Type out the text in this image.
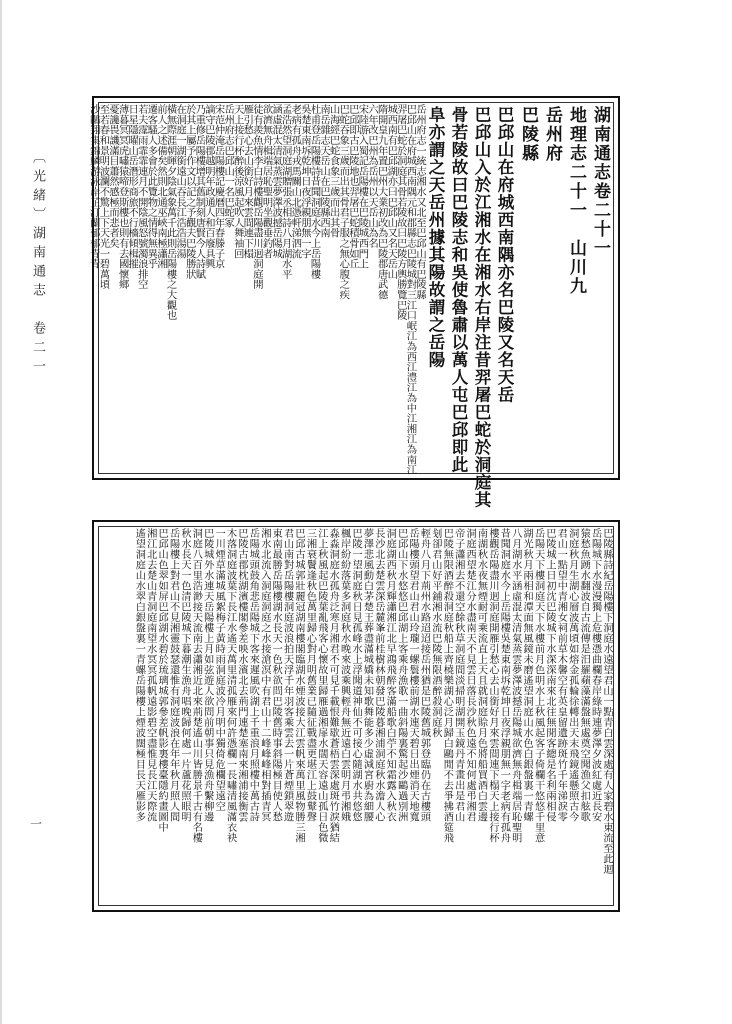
〔光緒〕湖南通志　卷二一
一
湖南通志卷二十一
地理志二十一　山川九
岳州府
巴陵縣
巴邱山在府城西南隅亦名巴陵又名天岳
巴邱山入於江湘水在湘水右岸注昔羿屠巴蛇於洞庭其
骨若陵故曰巴陵志和吳使魯肅以萬人屯巴邱即此
阜亦謂之天岳州據其陽故謂之岳陽
岳州府志一統志湘水又北至巴邱山有巴陵縣
巴邱山在府城西南隅元和郡縣志巴陵城對三江口岷江為西江澧江為中江湘江為南江
羿屠巴蛇於洞庭其骨若陵故曰巴陵方輿勝覽巴陵
城西南有巴邱湖亦曰巴邱山又名天岳山
隋開皇九年置巴州大業初改為巴陵郡唐武德
六年改巴州為岳州以天岳山為名
宋陸游入蜀記岳陽樓在巴陵城西門上
巴邱即古巴陵地也羿屠巴蛇積骨如丘
巴蛇吞象三歲而出其骨君子服之無心腹之疾
山海經巴蛇食象三歲而出其骨
南岳雜志天岳山在巴陵縣西南
杜甫登岳陽樓詩昔聞洞庭水今上岳陽樓
吳楚東南坼乾坤日夜浮親朋無一字
老病有孤舟戎馬關山北憑軒涕泗流
孟浩然望洞庭湖贈張丞相詩八月湖水平
涵虛混太清氣蒸雲夢澤波撼岳陽城
欲濟無舟楫端居恥聖明坐觀垂釣者
徒有羨魚情李白詩樓觀岳陽盡川迥洞庭開
雁引愁心去山銜好月來雲間連下榻
天上接行杯醉後涼風起吹人舞袖回
岳州府志巴邱山一名巴蛇冢
宋范仲淹岳陽樓記慶曆四年春滕子京
謫守巴陵郡越明年政通人和百廢具興
乃重修岳陽樓增其舊制刻唐賢今人詩賦
於其上屬予作文以記之予觀夫巴陵勝狀
在洞庭一湖銜遠山吞長江浩浩湯湯
橫無際涯朝暉夕陰氣象萬千此則岳陽樓之大觀也
前人之述備矣然則北通巫峽南極瀟湘
遷客騷人多會於此覽物之情得無異乎
若夫霪雨霏霏連月不開陰風怒號濁浪排空
日星隱曜山岳潛形商旅不行檣傾楫摧
薄暮冥冥虎嘯猿啼登斯樓也則有去國懷鄉
憂讒畏譏滿目蕭然感極而悲者矣
至若春和景明波瀾不驚上下天光一碧萬頃
沙鷗翔集錦鱗游泳岸芷汀蘭郁郁青青
巴陵縣詩紀岳陽樓下洞庭水遠望君山一點青白雲深處有人家碧水東流至此迴
岳陽城下水漫漫獨上危樓憑曲欄春岸綠時連夢澤夕波紅處近長安
猿愁魚踴水翻波自古流傳是汨羅蘋藻滿盤無處奠空聞漁父扣舷歌
洞庭秋月生湖心層波萬頃如熔金孤輪徐轉出天末飛鏡遙懸照古今
君山一點望中青湘女祠前草木馨空有英皇留遺跡斑竹千年涕淚零
巴陵城上日初沈巴陵城下水深深南來北往無閒客總是名利兩相侵
岳陽天下樓洞庭天下水樓前月色明水上秋風起客子倚欄干悠悠千里意
湖光秋月兩相和潭面無風鏡未磨遙望洞庭山水色白銀盤裏一青螺
八月湖水平涵虛混太清氣蒸雲夢澤波撼岳陽城欲濟無舟楫端居恥聖明
昔聞洞庭水今上岳陽樓吳楚東南坼乾坤日夜浮親朋無一字老病有孤舟
樓觀岳陽盡川迥洞庭開雁引愁心去山銜好月來雲間連下榻天上接行杯
南湖秋水夜無煙耐可乘流直上天且就洞庭賒月色將船買酒白雲邊
洞庭西望楚江分水盡南天不見雲日落長沙秋色遠不知何處弔湘君
帝子瀟湘去不還空餘秋草洞庭間淡掃明湖開玉鏡丹青畫出是君山
巴陵無限酒醉殺洞庭秋船上齊橈樂湖心泛月歸白鷗閒不去爭拂酒筵飛
刬卻君山好平鋪湘水流巴陵無限酒醉殺洞庭秋
輕舟八月下荊州水路迢迢接岳州猶是巴陵舊城郭登臨仍在古樓頭
岳陽樓頭望君山君山玲瓏一螺鬟樓前湖水連天碧日出煙消天地寬
巴邱山下水悠悠巴邱湖上客乘舟漁歌一曲斜陽裏驚起沙鷗過別洲
洞庭湖西秋月輝瀟湘江北早鴻飛醉客滿船歌白苧不知霜露入秋衣
長沙北去楚雲深岳麓峯前桂樹林朝發巴陵暮湘浦洞庭秋水澹人心
夢澤悲風動白茅楚王葬盡滿城嬌未知歌舞能多少虛減宮廚為細腰
巴陵一望洞庭秋日見孤峰水上浮聞道神仙不可接心隨湖水共悠悠
楓岸紛紛落葉多洞庭秋水晚來波乘興輕舟無近遠白雲明月弔湘娥
淼淼洞庭水孤舟泛寒月湘君不可見千載恨難歇蒼梧雲深處斑竹淚猶結
江上秋風起巴陵葉亂飛客心懷故里歸雁過湘扉水闊天容遠山孤日色微
三湘衰鬢逢秋色萬里歸心對月明舊業已隨征戰盡更堪江上鼓鼙聲
巴邱古城郭壯麗冠湖南樓閣臨湖水煙波接大江雲帆來萬里風物勝三湘
君山南對岳陽樓洞庭波浪拍天浮千年羽客乘雲去一片蒼煙鎖翠遊
東南最勝岳陽樓湖水長天一色秋欲問巴陵舊時事斜陽極目使人愁
湘水北流入洞庭洞庭之水接滄溟中有君山十二峰峰峰相對插青冥
岳陽城頭鼓角悲岳陽城下客來遲風吹湖上千重浪月照樓中萬古詩
巴陵古郡枕湖濱樓閣參差映水濱北去荊門連楚塞南來湘浦接衡雲
木落洞庭波葉下長江水遙天萬里清孤雁來何許憑欄一長嘯清風滿衣袂
一川煙草滿城風絮梅子黃時雨洞庭波冷月明中獨倚危欄望遠空
巴陵城外水連天岳陽樓上月如弦遊人欲問前朝事只見漁舟繫柳邊
洞庭八百里浩渺接天流南去瀟湘近北來荊楚遙山川皆勝景千古有名樓
秋水長天一色清巴陵城下暮潮生漁舟唱晚歸何處一片蘆花照眼明
岳陽樓上對君山不見湘靈鼓瑟還惟有洞庭波浪在年年秋月照人間
巴邱山色翠如屏巴邱湖水碧於琉璃城郭參差帆影裏樓臺隱約畫圖中
湘江北去楚山青洞庭南望水冥冥孤帆遠影碧空盡惟見長江天際流
遙望洞庭山水翠白銀盤裏一青螺岳陽樓上煙波闊極目長天雁影多
